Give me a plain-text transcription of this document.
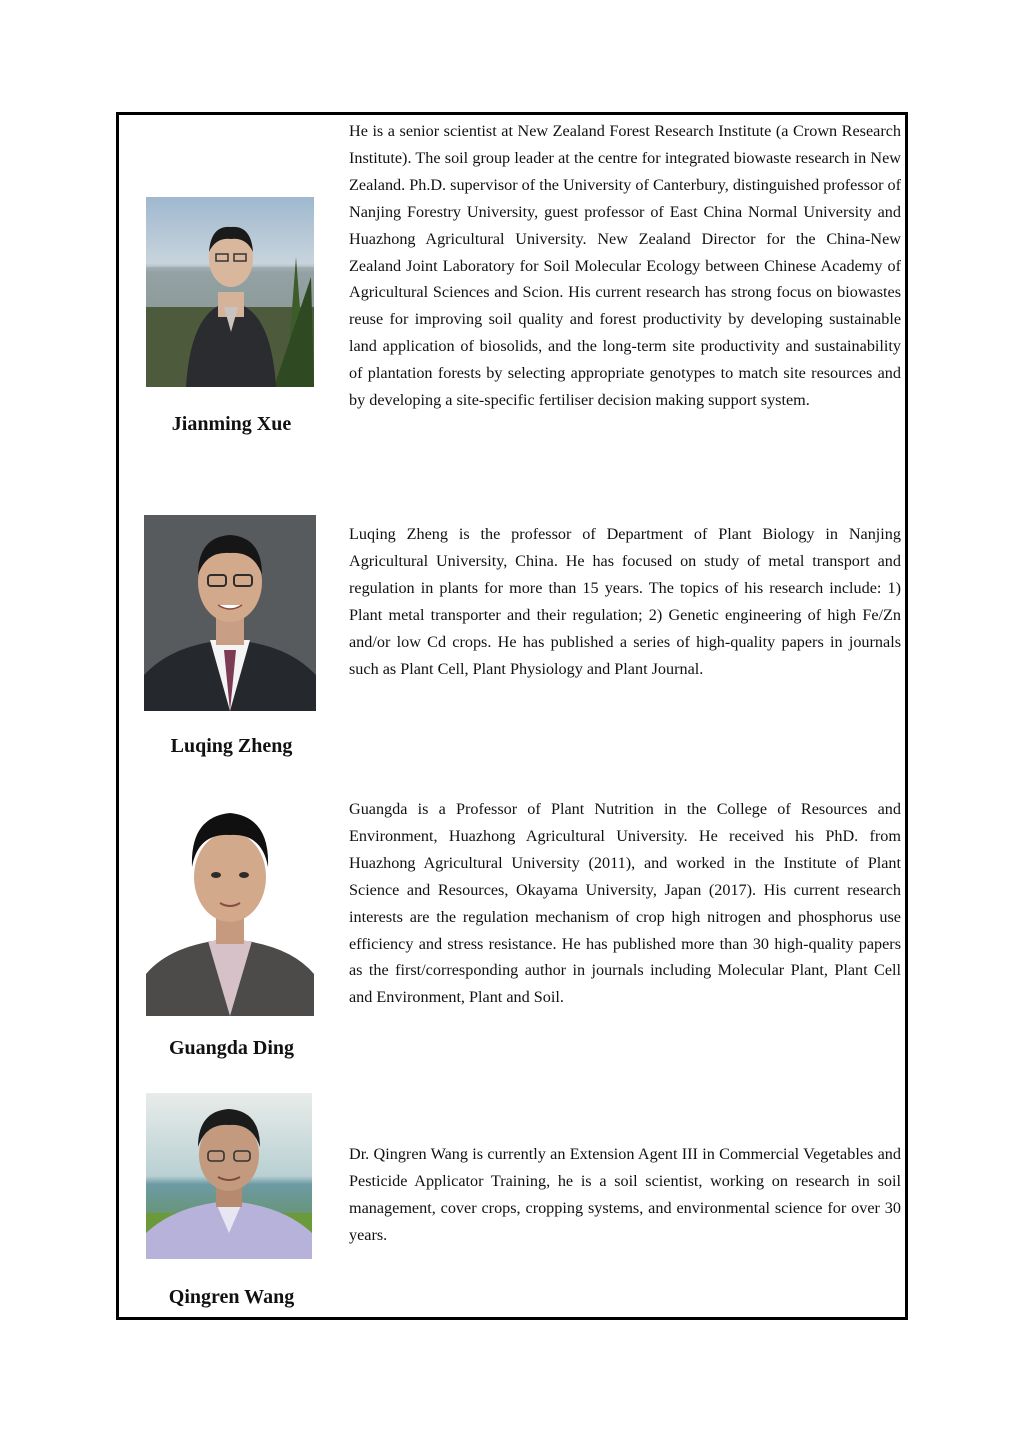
Jianming Xue

He is a senior scientist at New Zealand Forest Research Institute (a Crown Research Institute). The soil group leader at the centre for integrated biowaste research in New Zealand. Ph.D. supervisor of the University of Canterbury, distinguished professor of Nanjing Forestry University, guest professor of East China Normal University and Huazhong Agricultural University. New Zealand Director for the China-New Zealand Joint Laboratory for Soil Molecular Ecology between Chinese Academy of Agricultural Sciences and Scion. His current research has strong focus on biowastes reuse for improving soil quality and forest productivity by developing sustainable land application of biosolids, and the long-term site productivity and sustainability of plantation forests by selecting appropriate genotypes to match site resources and by developing a site-specific fertiliser decision making support system.

Luqing Zheng

Luqing Zheng is the professor of Department of Plant Biology in Nanjing Agricultural University, China. He has focused on study of metal transport and regulation in plants for more than 15 years. The topics of his research include: 1) Plant metal transporter and their regulation; 2) Genetic engineering of high Fe/Zn and/or low Cd crops. He has published a series of high-quality papers in journals such as Plant Cell, Plant Physiology and Plant Journal.

Guangda Ding

Guangda is a Professor of Plant Nutrition in the College of Resources and Environment, Huazhong Agricultural University. He received his PhD. from Huazhong Agricultural University (2011), and worked in the Institute of Plant Science and Resources, Okayama University, Japan (2017). His current research interests are the regulation mechanism of crop high nitrogen and phosphorus use efficiency and stress resistance. He has published more than 30 high-quality papers as the first/corresponding author in journals including Molecular Plant, Plant Cell and Environment, Plant and Soil.

Qingren Wang

Dr. Qingren Wang is currently an Extension Agent III in Commercial Vegetables and Pesticide Applicator Training, he is a soil scientist, working on research in soil management, cover crops, cropping systems, and environmental science for over 30 years.
